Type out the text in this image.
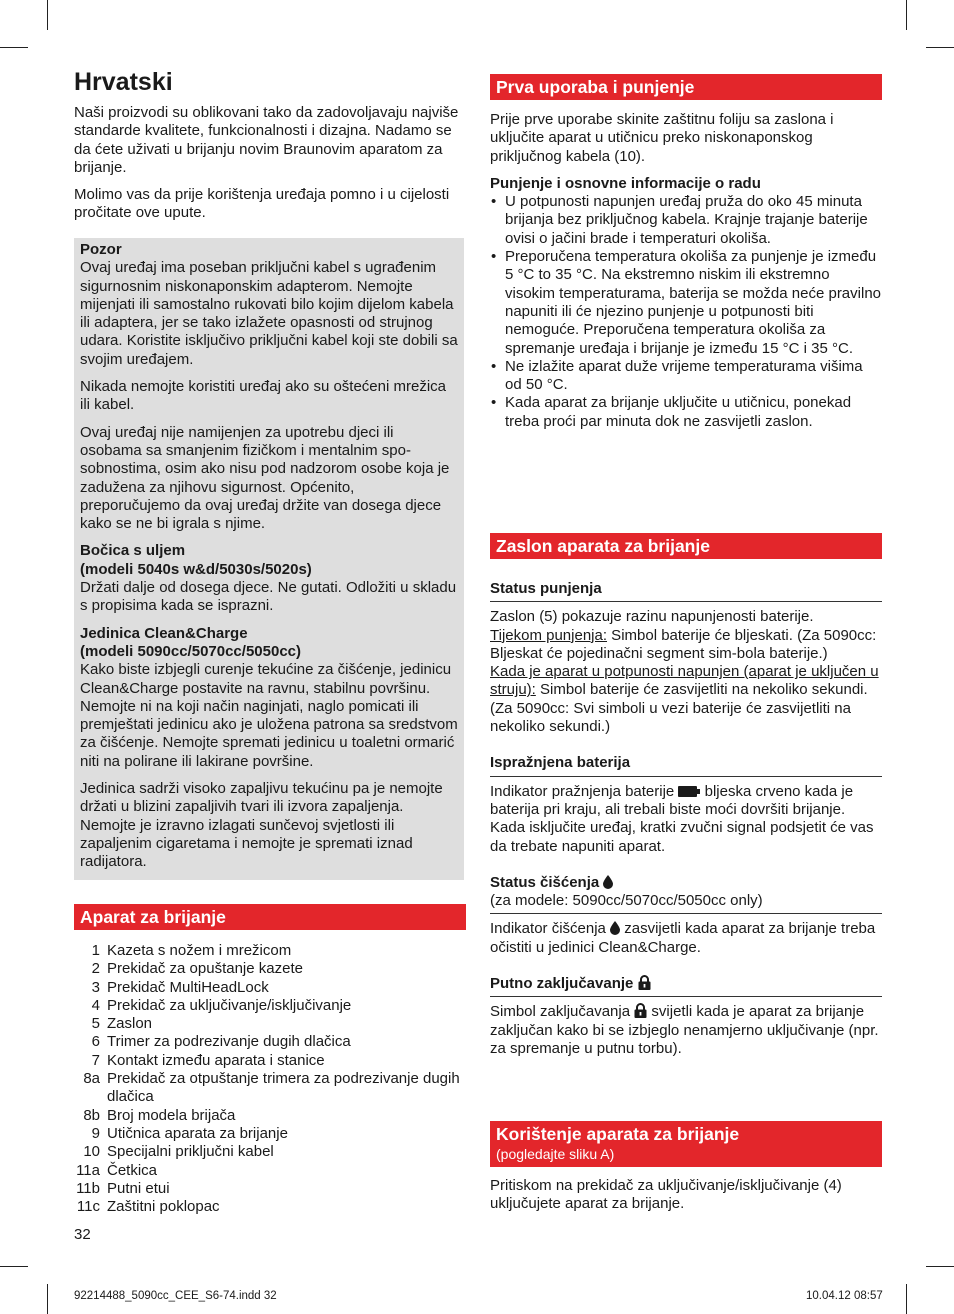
Hrvatski

Naši proizvodi su oblikovani tako da zadovoljavaju najviše standarde kvalitete, funkcionalnosti i dizajna. Nadamo se da ćete uživati u brijanju novim Braunovim aparatom za brijanje.

Molimo vas da prije korištenja uređaja pomno i u cijelosti pročitate ove upute.

Pozor

Ovaj uređaj ima poseban priključni kabel s ugrađenim sigurnosnim niskonaponskim adapterom. Nemojte mijenjati ili samostalno rukovati bilo kojim dijelom kabela ili adaptera, jer se tako izlažete opasnosti od strujnog udara. Koristite isključivo priključni kabel koji ste dobili sa svojim uređajem.

Nikada nemojte koristiti uređaj ako su oštećeni mrežica ili kabel.

Ovaj uređaj nije namijenjen za upotrebu djeci ili osobama sa smanjenim fizičkom i mentalnim spo-sobnostima, osim ako nisu pod nadzorom osobe koja je zadužena za njihovu sigurnost. Općenito, preporučujemo da ovaj uređaj držite van dosega djece kako se ne bi igrala s njime.

Bočica s uljem

(modeli 5040s w&d/5030s/5020s)

Držati dalje od dosega djece. Ne gutati. Odložiti u skladu s propisima kada se isprazni.

Jedinica Clean&Charge

(modeli 5090cc/5070cc/5050cc)

Kako biste izbjegli curenje tekućine za čišćenje, jedinicu Clean&Charge postavite na ravnu, stabilnu površinu. Nemojte ni na koji način naginjati, naglo pomicati ili premještati jedinicu ako je uložena patrona sa sredstvom za čišćenje. Nemojte spremati jedinicu u toaletni ormarić niti na polirane ili lakirane površine.

Jedinica sadrži visoko zapaljivu tekućinu pa je nemojte držati u blizini zapaljivih tvari ili izvora zapaljenja. Nemojte je izravno izlagati sunčevoj svjetlosti ili zapaljenim cigaretama i nemojte je spremati iznad radijatora.

Aparat za brijanje
1 Kazeta s nožem i mrežicom
2 Prekidač za opuštanje kazete
3 Prekidač MultiHeadLock
4 Prekidač za uključivanje/isključivanje
5 Zaslon
6 Trimer za podrezivanje dugih dlačica
7 Kontakt između aparata i stanice
8a Prekidač za otpuštanje trimera za podrezivanje dugih dlačica
8b Broj modela brijača
9 Utičnica aparata za brijanje
10 Specijalni priključni kabel
11a Četkica
11b Putni etui
11c Zaštitni poklopac
32
Prva uporaba i punjenje

Prije prve uporabe skinite zaštitnu foliju sa zaslona i uključite aparat u utičnicu preko niskonaponskog priključnog kabela (10).

Punjenje i osnovne informacije o radu

• U potpunosti napunjen uređaj pruža do oko 45 minuta brijanja bez priključnog kabela. Krajnje trajanje baterije ovisi o jačini brade i temperaturi okoliša.
• Preporučena temperatura okoliša za punjenje je između 5 °C to 35 °C. Na ekstremno niskim ili ekstremno visokim temperaturama, baterija se možda neće pravilno napuniti ili će njezino punjenje u potpunosti biti nemoguće. Preporučena temperatura okoliša za spremanje uređaja i brijanje je između 15 °C i 35 °C.
• Ne izlažite aparat duže vrijeme temperaturama višima od 50 °C.
• Kada aparat za brijanje uključite u utičnicu, ponekad treba proći par minuta dok ne zasvijetli zaslon.
Zaslon aparata za brijanje

Status punjenja

Zaslon (5) pokazuje razinu napunjenosti baterije.

Tijekom punjenja: Simbol baterije će bljeskati. (Za 5090cc: Bljeskat će pojedinačni segment sim-bola baterije.)

Kada je aparat u potpunosti napunjen (aparat je uključen u struju): Simbol baterije će zasvijetliti na nekoliko sekundi. (Za 5090cc: Svi simboli u vezi baterije će zasvijetliti na nekoliko sekundi.)

Ispražnjena baterija

Indikator pražnjenja baterije bljeska crveno kada je baterija pri kraju, ali trebali biste moći dovršiti brijanje. Kada isključite uređaj, kratki zvučni signal podsjetit će vas da trebate napuniti aparat.

Status čišćenja

(za modele: 5090cc/5070cc/5050cc only)

Indikator čišćenja zasvijetli kada aparat za brijanje treba očistiti u jedinici Clean&Charge.

Putno zaključavanje

Simbol zaključavanja svijetli kada je aparat za brijanje zaključan kako bi se izbjeglo nenamjerno uključivanje (npr. za spremanje u putnu torbu).

Korištenje aparata za brijanje
(pogledajte sliku A)

Pritiskom na prekidač za uključivanje/isključivanje (4) uključujete aparat za brijanje.

92214488_5090cc_CEE_S6-74.indd 32	10.04.12 08:57
